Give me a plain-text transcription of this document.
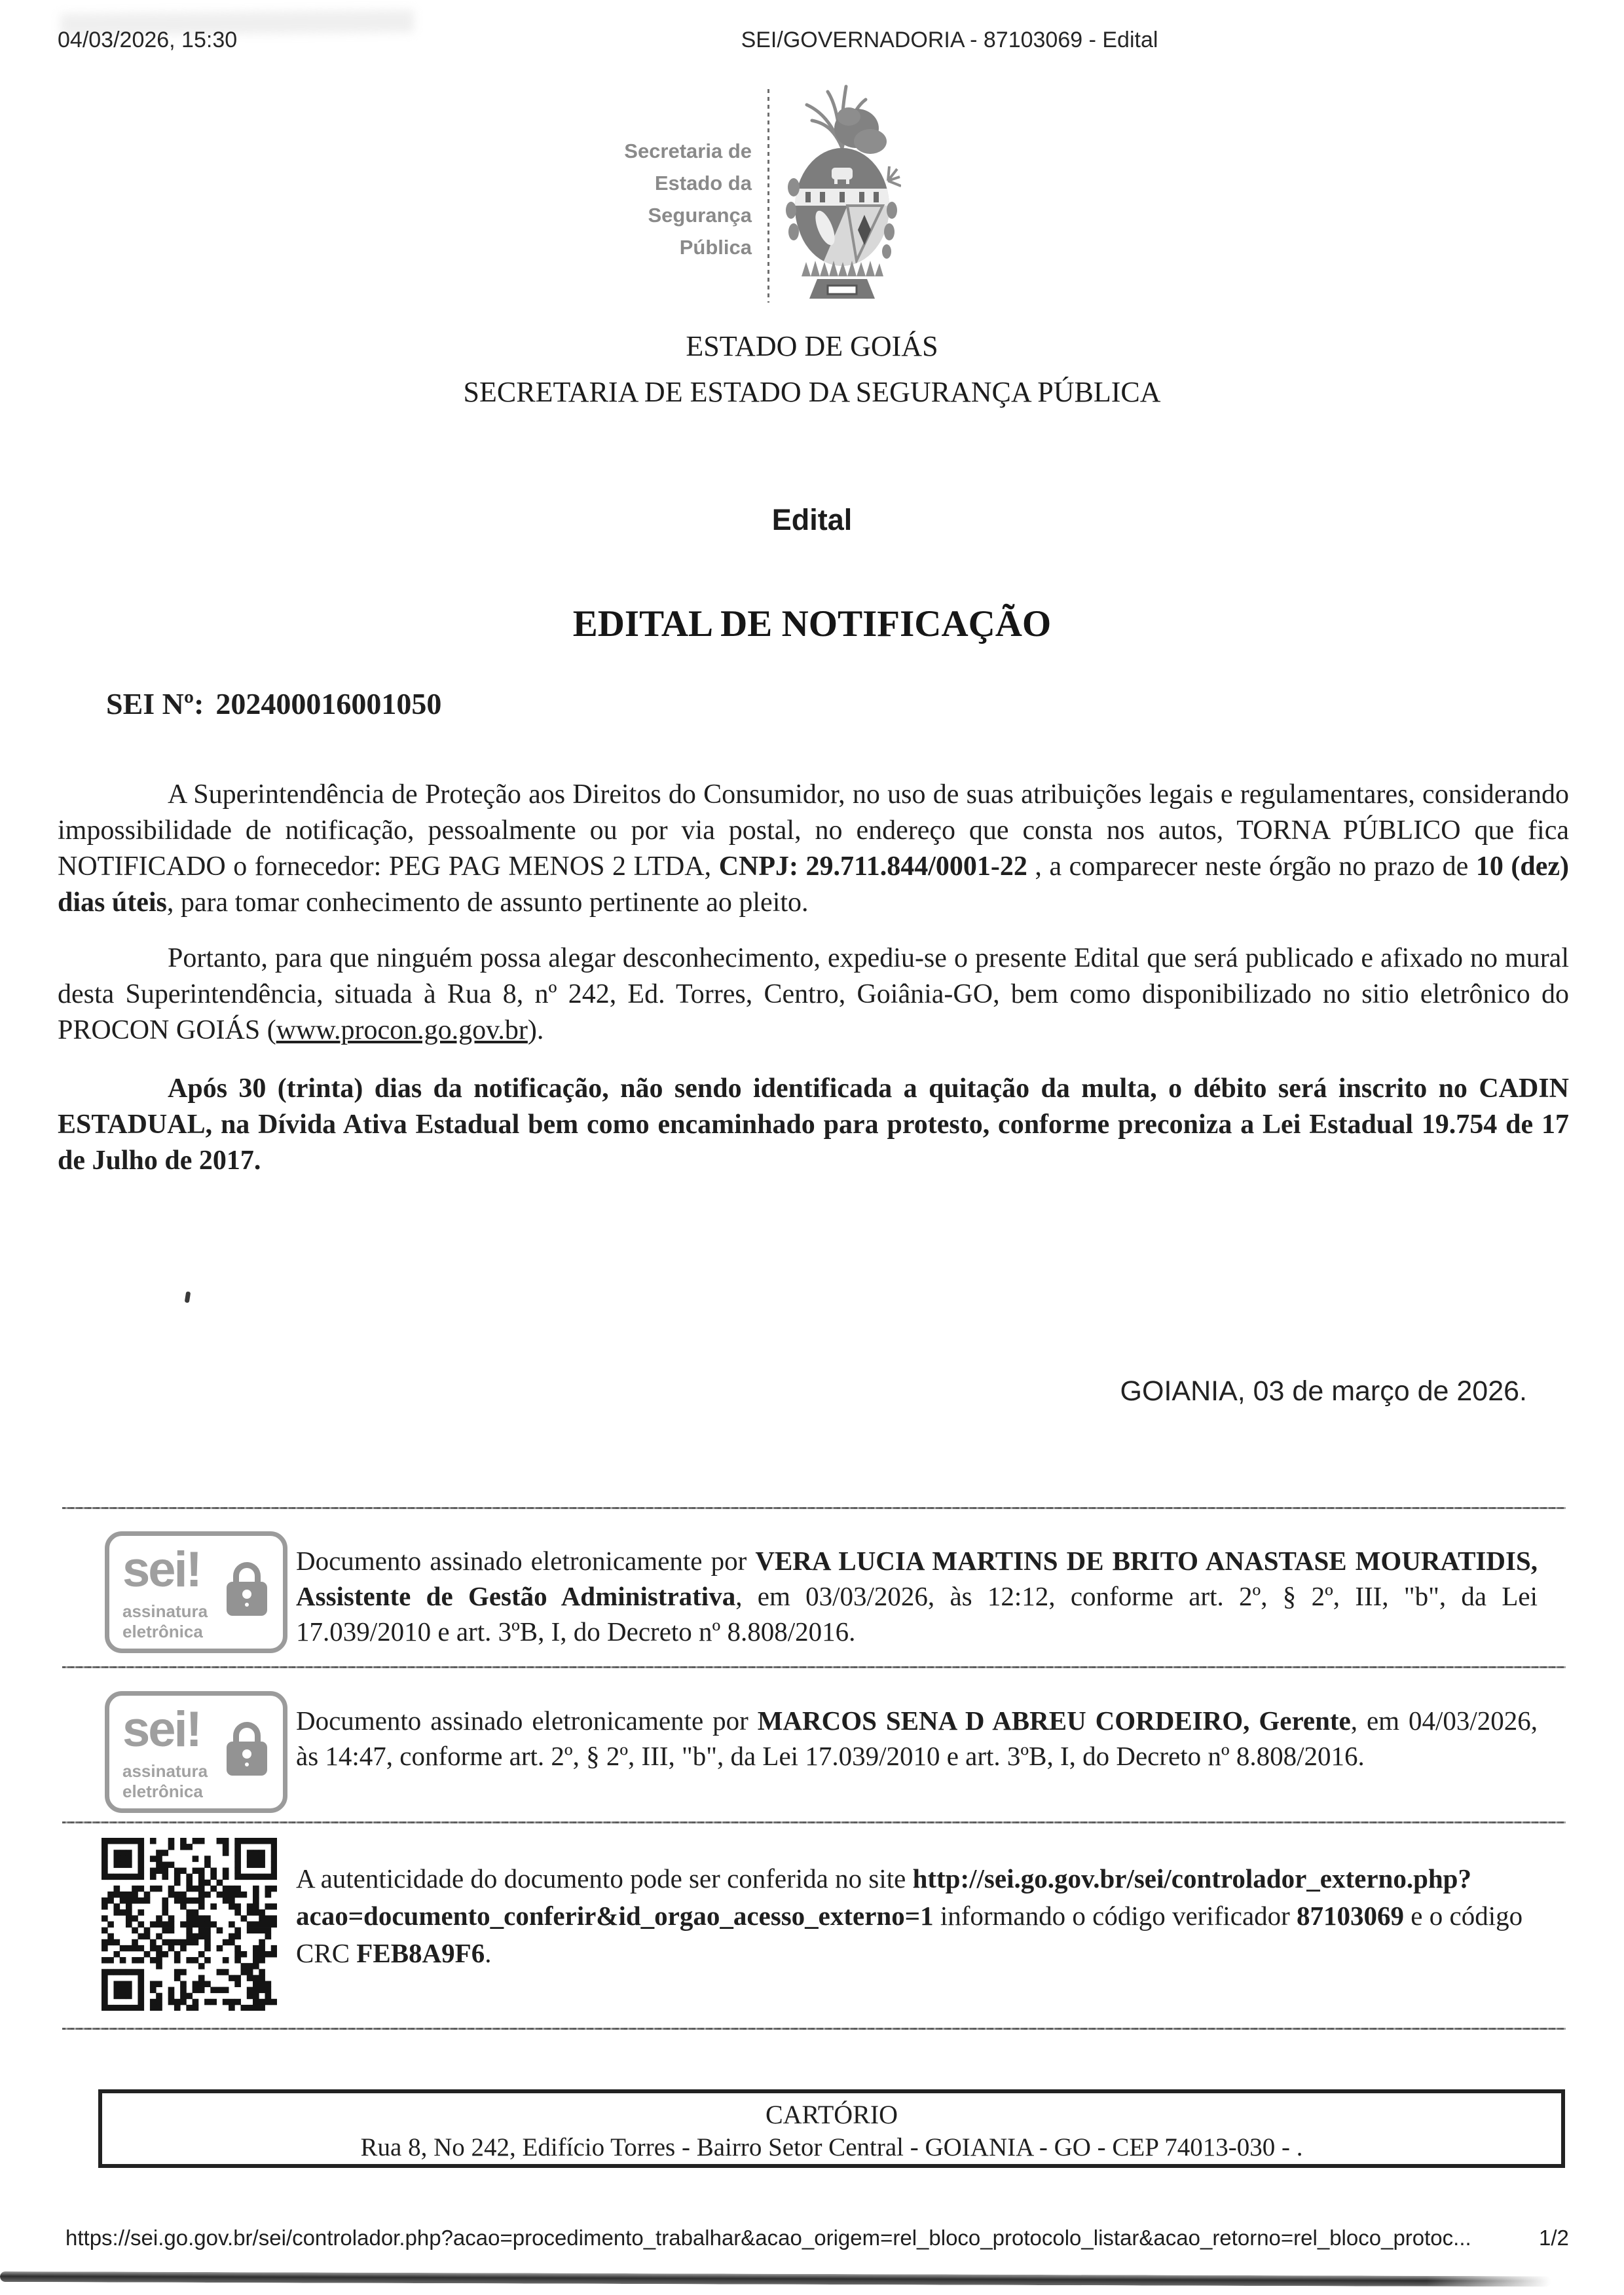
04/03/2026, 15:30	SEI/GOVERNADORIA - 87103069 - Edital
Secretaria de
Estado da
Segurança
Pública
ESTADO DE GOIÁS
SECRETARIA DE ESTADO DA SEGURANÇA PÚBLICA
Edital
EDITAL DE NOTIFICAÇÃO
SEI Nº: 202400016001050

A Superintendência de Proteção aos Direitos do Consumidor, no uso de suas atribuições legais e regulamentares, considerando impossibilidade de notificação, pessoalmente ou por via postal, no endereço que consta nos autos, TORNA PÚBLICO que fica NOTIFICADO o fornecedor: PEG PAG MENOS 2 LTDA, CNPJ: 29.711.844/0001-22 , a comparecer neste órgão no prazo de 10 (dez) dias úteis, para tomar conhecimento de assunto pertinente ao pleito.

Portanto, para que ninguém possa alegar desconhecimento, expediu-se o presente Edital que será publicado e afixado no mural desta Superintendência, situada à Rua 8, nº 242, Ed. Torres, Centro, Goiânia-GO, bem como disponibilizado no sitio eletrônico do PROCON GOIÁS (www.procon.go.gov.br).

Após 30 (trinta) dias da notificação, não sendo identificada a quitação da multa, o débito será inscrito no CADIN ESTADUAL, na Dívida Ativa Estadual bem como encaminhado para protesto, conforme preconiza a Lei Estadual 19.754 de 17 de Julho de 2017.

GOIANIA, 03 de março de 2026.
sei!
assinatura
eletrônica
Documento assinado eletronicamente por VERA LUCIA MARTINS DE BRITO ANASTASE MOURATIDIS, Assistente de Gestão Administrativa, em 03/03/2026, às 12:12, conforme art. 2º, § 2º, III, "b", da Lei 17.039/2010 e art. 3ºB, I, do Decreto nº 8.808/2016.
sei!
assinatura
eletrônica
Documento assinado eletronicamente por MARCOS SENA D ABREU CORDEIRO, Gerente, em 04/03/2026, às 14:47, conforme art. 2º, § 2º, III, "b", da Lei 17.039/2010 e art. 3ºB, I, do Decreto nº 8.808/2016.
A autenticidade do documento pode ser conferida no site http://sei.go.gov.br/sei/controlador_externo.php? acao=documento_conferir&id_orgao_acesso_externo=1 informando o código verificador 87103069 e o código CRC FEB8A9F6.
CARTÓRIO
Rua 8, No 242, Edifício Torres - Bairro Setor Central - GOIANIA - GO - CEP 74013-030 - .
https://sei.go.gov.br/sei/controlador.php?acao=procedimento_trabalhar&acao_origem=rel_bloco_protocolo_listar&acao_retorno=rel_bloco_protoc...	1/2
